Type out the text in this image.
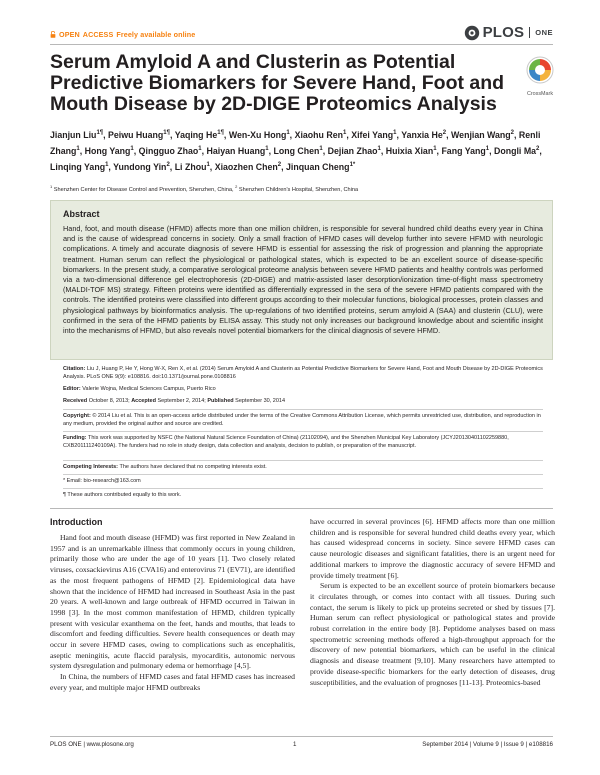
OPEN ACCESS Freely available online	PLOS ONE
Serum Amyloid A and Clusterin as Potential Predictive Biomarkers for Severe Hand, Foot and Mouth Disease by 2D-DIGE Proteomics Analysis	CrossMark
Jianjun Liu$^{1\P}$, Peiwu Huang$^{1\P}$, Yaqing $He^{1\P}$, Wen-Xu Hong$^1$, Xiaohu Ren$^1$, Xifei Yang$^1$, Yanxia He$^2$, Wenjian Wang$^2$, Renli Zhang$^1$, Hong Yang$^1$, Qingguo Zhao$^1$, Haiyan Huang$^1$, Long Chen$^1$, Dejian Zhao$^1$, Huixia Xian$^1$, Fang Yang$^1$, Dongli Ma$^2$, Linqing Yang$^1$, Yundong Yin$^2$, Li Zhou$^1$, Xiaozhen Chen$^2$, Jinquan Cheng$^{1*}$
$^1$ Shenzhen Center for Disease Control and Prevention, Shenzhen, China, $^2$ Shenzhen Children's Hospital, Shenzhen, China
Abstract

Hand, foot, and mouth disease (HFMD) affects more than one million children, is responsible for several hundred child deaths every year in China and is the cause of widespread concerns in society. Only a small fraction of HFMD cases will develop further into severe HFMD with neurologic complications. A timely and accurate diagnosis of severe HFMD is essential for assessing the risk of progression and planning the appropriate treatment. Human serum can reflect the physiological or pathological states, which is expected to be an excellent source of disease-specific biomarkers. In the present study, a comparative serological proteome analysis between severe HFMD patients and healthy controls was performed via a two-dimensional difference gel electrophoresis (2D-DIGE) and matrix-assisted laser desorption/ionization time-of-flight mass spectrometry (MALDI-TOF MS) strategy. Fifteen proteins were identified as differentially expressed in the sera of the severe HFMD patients compared with the controls. The identified proteins were classified into different groups according to their molecular functions, biological processes, protein classes and physiological pathways by bioinformatics analysis. The up-regulations of two identified proteins, serum amyloid A (SAA) and clusterin (CLU), were confirmed in the sera of the HFMD patients by ELISA assay. This study not only increases our background knowledge about and scientific insight into the mechanisms of HFMD, but also reveals novel potential biomarkers for the clinical diagnosis of severe HFMD.

Citation: Liu J, Huang P, He Y, Hong W-X, Ren X, et al. (2014) Serum Amyloid A and Clusterin as Potential Predictive Biomarkers for Severe Hand, Foot and Mouth Disease by 2D-DIGE Proteomics Analysis. PLoS ONE 9(9): e108816. doi:10.1371/journal.pone.0108816

Editor: Valerie Wojna, Medical Sciences Campus, Puerto Rico

Received October 8, 2013; Accepted September 2, 2014; Published September 30, 2014

Copyright: © 2014 Liu et al. This is an open-access article distributed under the terms of the Creative Commons Attribution License, which permits unrestricted use, distribution, and reproduction in any medium, provided the original author and source are credited.

Funding: This work was supported by NSFC (the National Natural Science Foundation of China) (21102094), and the Shenzhen Municipal Key Laboratory (JCYJ20130401102259880, CXB201111240109A). The funders had no role in study design, data collection and analysis, decision to publish, or preparation of the manuscript.

Competing Interests: The authors have declared that no competing interests exist.

* Email: bio-research@163.com

¶ These authors contributed equally to this work.

Introduction

Hand foot and mouth disease (HFMD) was first reported in New Zealand in 1957 and is an unremarkable illness that commonly occurs in young children, primarily those who are under the age of 10 years [1]. Two closely related viruses, coxsackievirus A16 (CVA16) and enterovirus 71 (EV71), are identified as the most frequent pathogens of HFMD [2]. Epidemiological data have shown that the incidence of HFMD had increased in Southeast Asia in the past 20 years. A well-known and large outbreak of HFMD occurred in Taiwan in 1998 [3]. In the most common manifestation of HFMD, children typically present with vesicular exanthema on the feet, hands and mouths, that leads to discomfort and feeding difficulties. Severe health consequences or death may occur in severe HFMD cases, owing to complications such as encephalitis, aseptic meningitis, acute flaccid paralysis, myocarditis, autonomic nervous system dysregulation and pulmonary edema or hemorrhage [4,5].

In China, the numbers of HFMD cases and fatal HFMD cases has increased every year, and multiple major HFMD outbreaks

have occurred in several provinces [6]. HFMD affects more than one million children and is responsible for several hundred child deaths every year, which has caused widespread concerns in society. Since severe HFMD cases can cause neurologic diseases and significant fatalities, there is an urgent need for additional markers to improve the diagnostic accuracy of severe HFMD and provide timely treatment [6].

Serum is expected to be an excellent source of protein biomarkers because it circulates through, or comes into contact with all tissues. During such contact, the serum is likely to pick up proteins secreted or shed by tissues [7]. Human serum can reflect physiological or pathological states and provide robust correlation in the entire body [8]. Peptidome analyses based on mass spectrometric screening methods offered a high-throughput approach for the discovery of new potential biomarkers, which can be useful in the clinical diagnosis and disease treatment [9,10]. Many researchers have attempted to provide disease-specific biomarkers for the early detection of diseases, drug susceptibilities, and the evaluation of prognoses [11-13]. Proteomics-based

PLOS ONE | www.plosone.org	1	September 2014 | Volume 9 | Issue 9 | e108816
